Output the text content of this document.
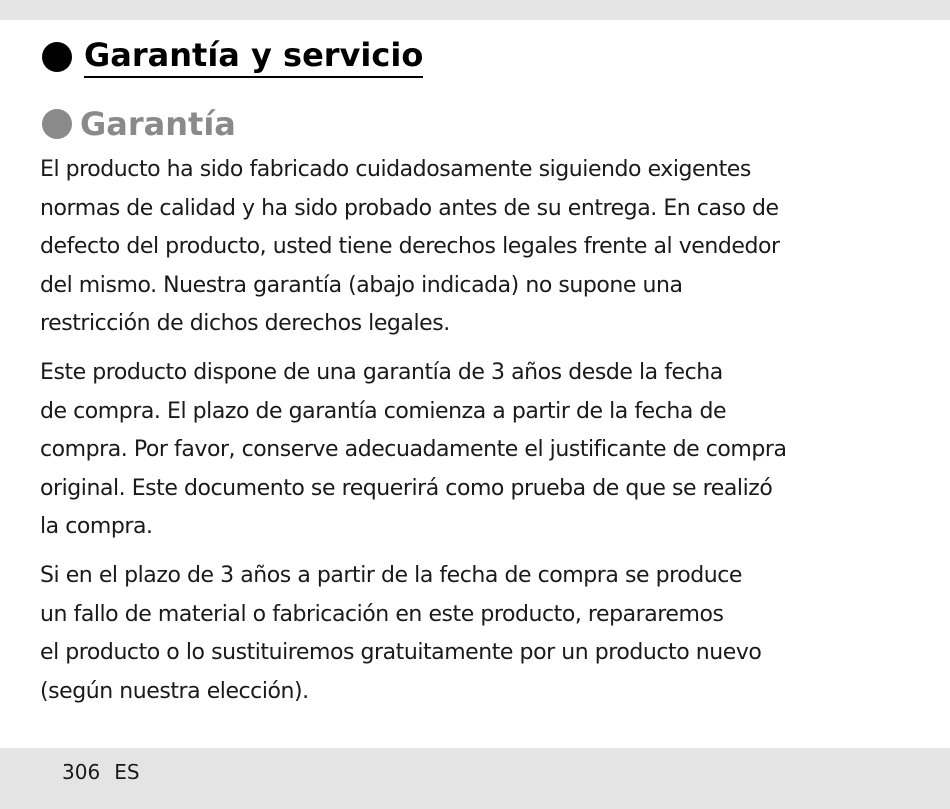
Garantía y servicio
Garantía

El producto ha sido fabricado cuidadosamente siguiendo exigentes
normas de calidad y ha sido probado antes de su entrega. En caso de
defecto del producto, usted tiene derechos legales frente al vendedor
del mismo. Nuestra garantía (abajo indicada) no supone una
restricción de dichos derechos legales.

Este producto dispone de una garantía de 3 años desde la fecha
de compra. El plazo de garantía comienza a partir de la fecha de
compra. Por favor, conserve adecuadamente el justificante de compra
original. Este documento se requerirá como prueba de que se realizó
la compra.

Si en el plazo de 3 años a partir de la fecha de compra se produce
un fallo de material o fabricación en este producto, repararemos
el producto o lo sustituiremos gratuitamente por un producto nuevo
(según nuestra elección).

306 ES
